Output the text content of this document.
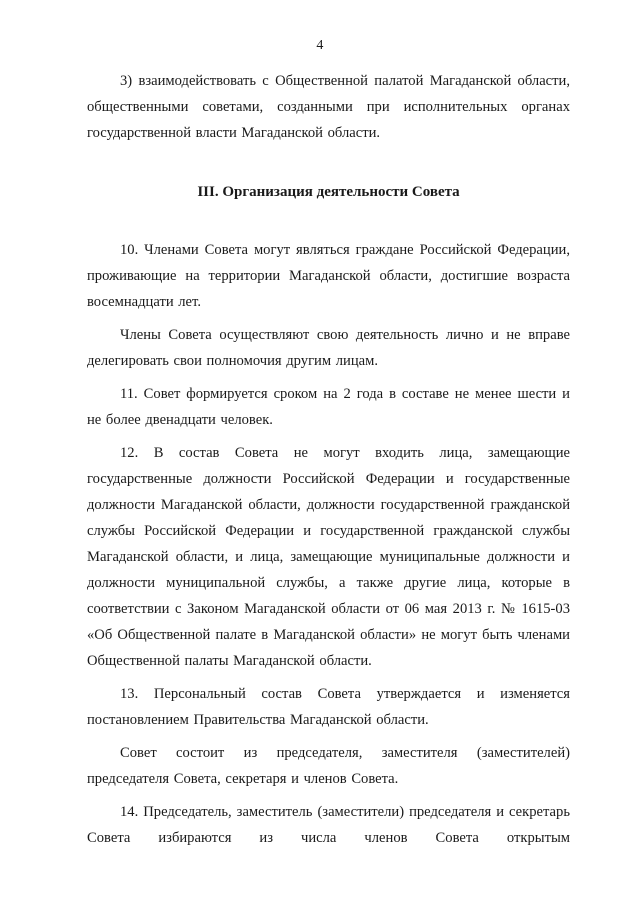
4

3) взаимодействовать с Общественной палатой Магаданской области, общественными советами, созданными при исполнительных органах государственной власти Магаданской области.

III. Организация деятельности Совета

10. Членами Совета могут являться граждане Российской Федерации, проживающие на территории Магаданской области, достигшие возраста восемнадцати лет.

Члены Совета осуществляют свою деятельность лично и не вправе делегировать свои полномочия другим лицам.

11. Совет формируется сроком на 2 года в составе не менее шести и не более двенадцати человек.

12. В состав Совета не могут входить лица, замещающие государственные должности Российской Федерации и государственные должности Магаданской области, должности государственной гражданской службы Российской Федерации и государственной гражданской службы Магаданской области, и лица, замещающие муниципальные должности и должности муниципальной службы, а также другие лица, которые в соответствии с Законом Магаданской области от 06 мая 2013 г. № 1615-03 «Об Общественной палате в Магаданской области» не могут быть членами Общественной палаты Магаданской области.

13. Персональный состав Совета утверждается и изменяется постановлением Правительства Магаданской области.

Совет состоит из председателя, заместителя (заместителей) председателя Совета, секретаря и членов Совета.

14. Председатель, заместитель (заместители) председателя и секретарь Совета избираются из числа членов Совета открытым
